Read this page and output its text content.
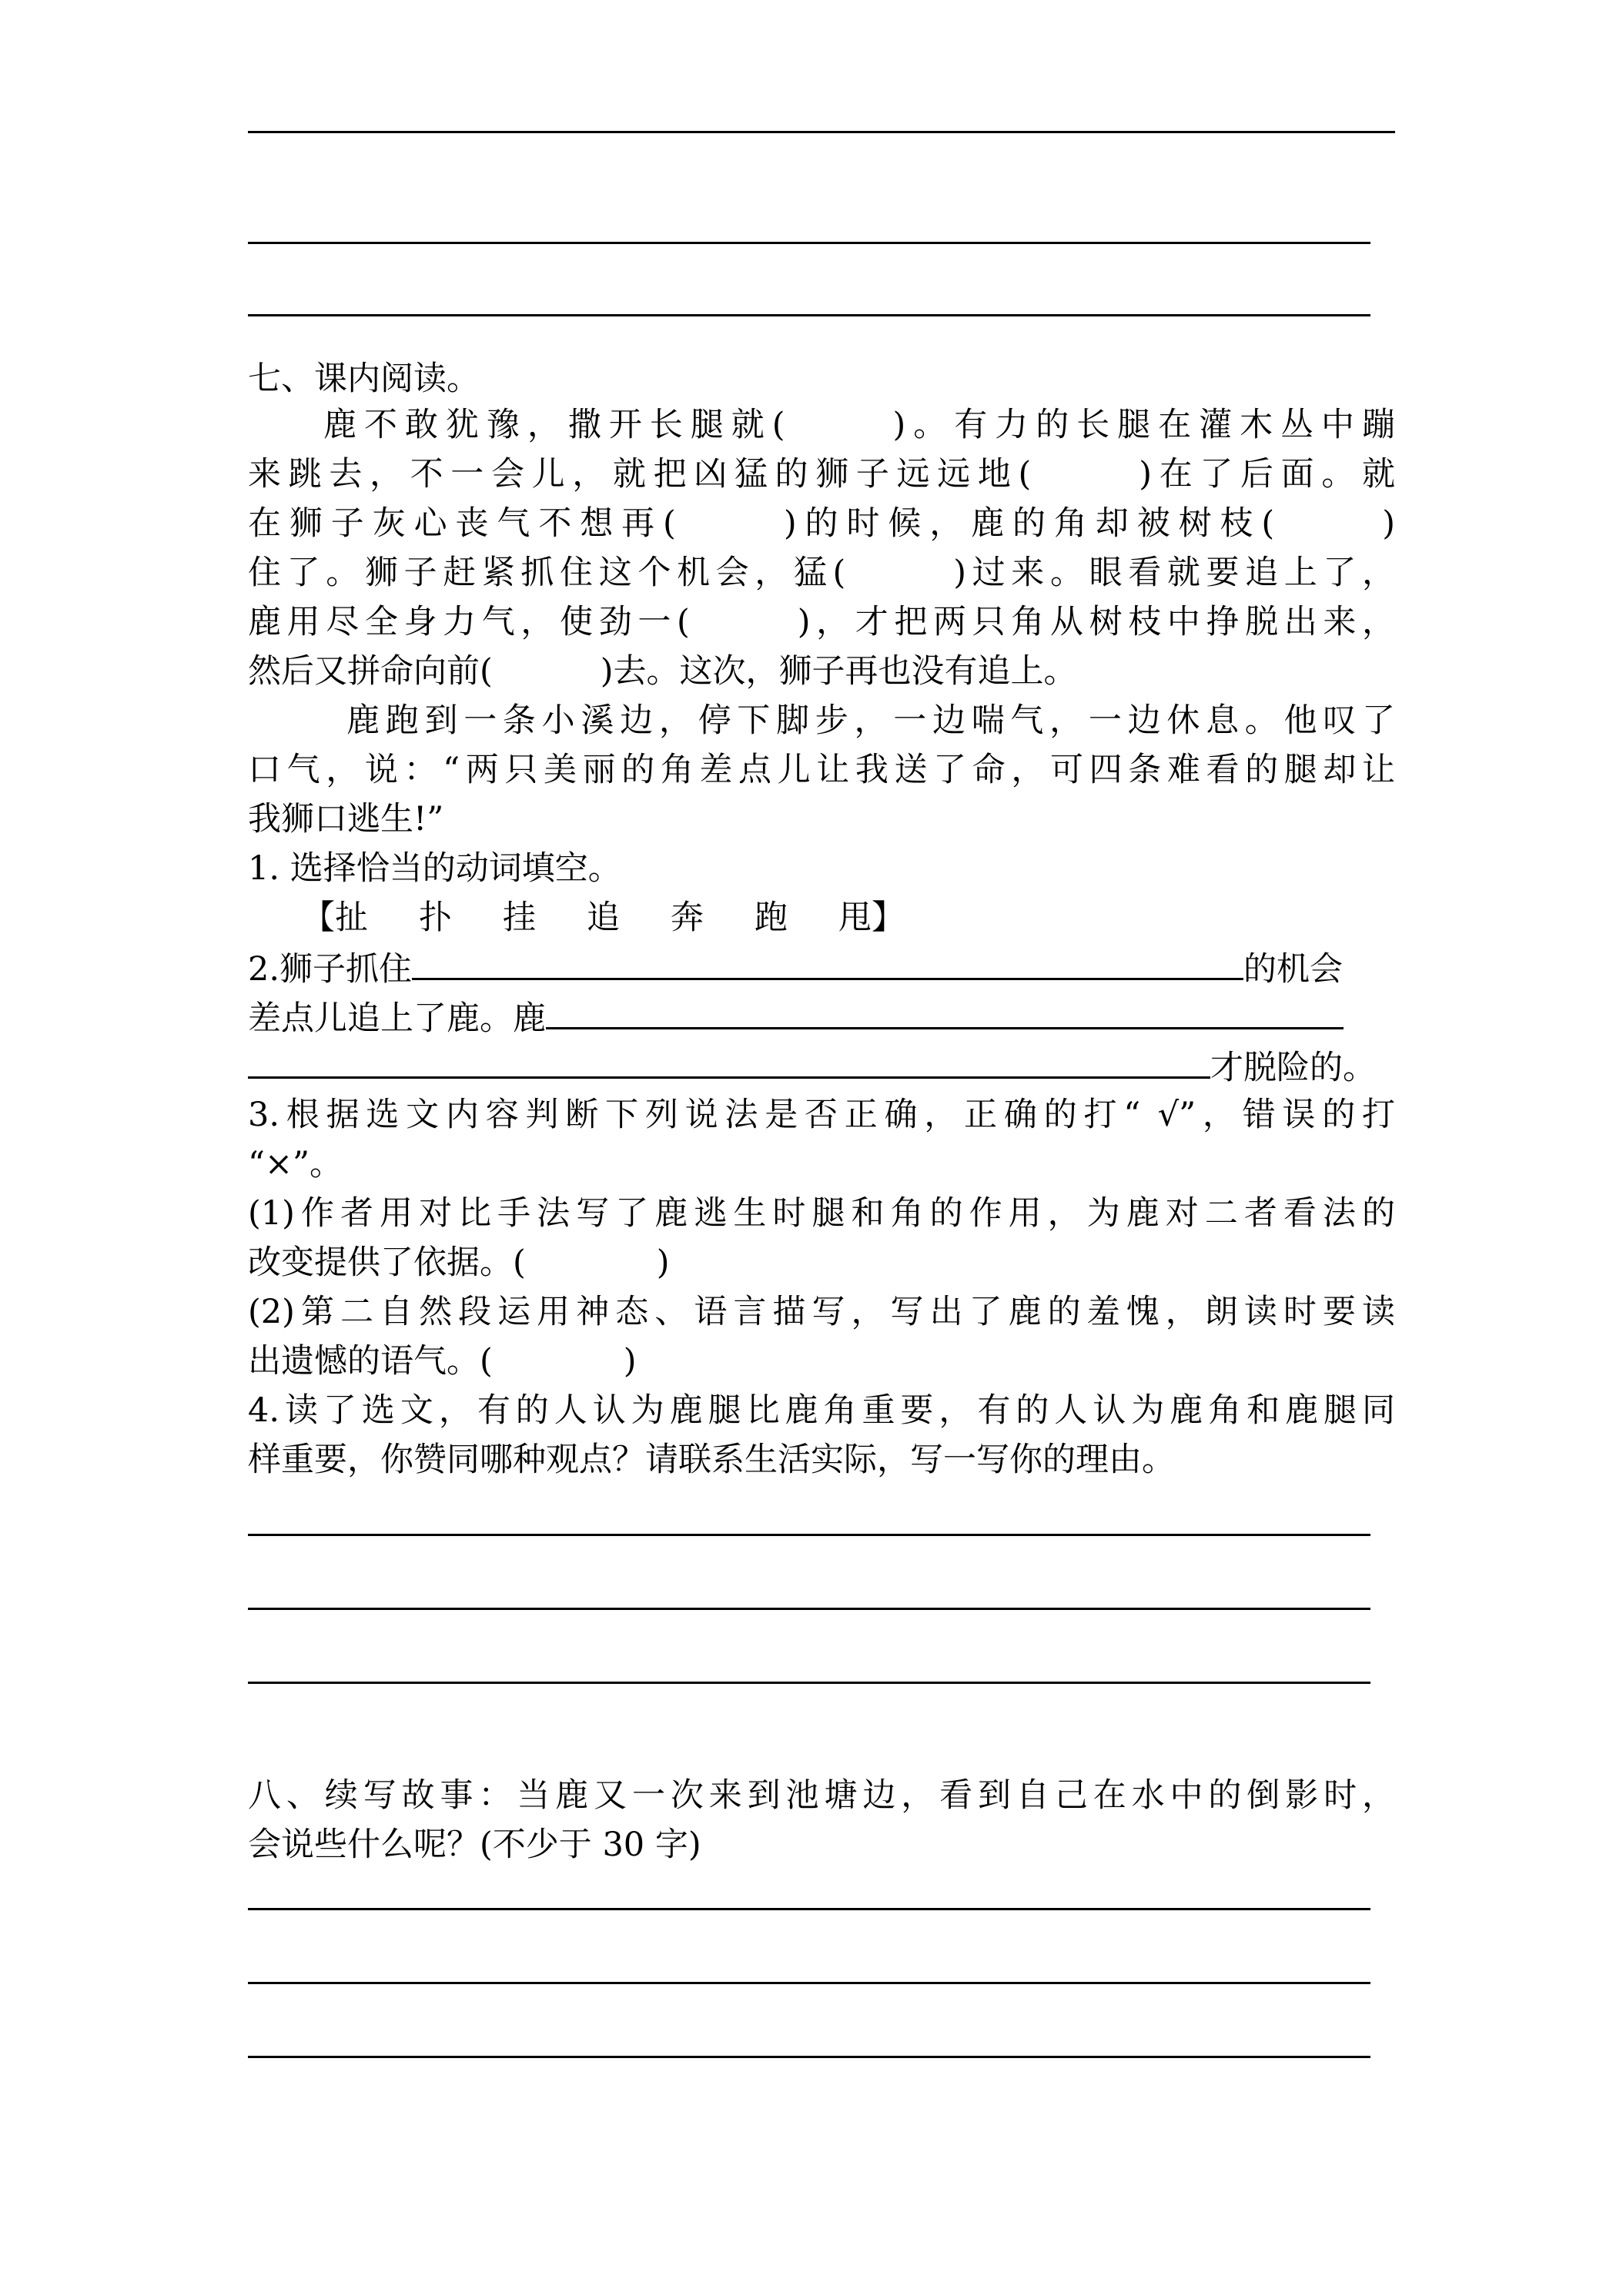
七、课内阅读。
鹿不敢犹豫，撒开长腿就(	)。有力的长腿在灌木丛中蹦
来跳去，不一会儿，就把凶猛的狮子远远地(	)在了后面。就
在狮子灰心丧气不想再(	)的时候，鹿的角却被树枝(	)
住了。狮子赶紧抓住这个机会，猛(	)过来。眼看就要追上了，
鹿用尽全身力气，使劲一(	)，才把两只角从树枝中挣脱出来，
然后又拼命向前(	)去。这次，狮子再也没有追上。
鹿跑到一条小溪边，停下脚步，一边喘气，一边休息。他叹了
口气，说：“两只美丽的角差点儿让我送了命，可四条难看的腿却让
我狮口逃生!”
1. 选择恰当的动词填空。
【扯 扑 挂 追 奔 跑 甩】
2.狮子抓住	的机会
差点儿追上了鹿。鹿
才脱险的。
3.根据选文内容判断下列说法是否正确，正确的打“ √”，错误的打
“×”。
(1)作者用对比手法写了鹿逃生时腿和角的作用，为鹿对二者看法的
改变提供了依据。(	)
(2)第二自然段运用神态、语言描写，写出了鹿的羞愧，朗读时要读
出遗憾的语气。(	)
4.读了选文，有的人认为鹿腿比鹿角重要，有的人认为鹿角和鹿腿同
样重要，你赞同哪种观点？请联系生活实际，写一写你的理由。
八、续写故事：当鹿又一次来到池塘边，看到自己在水中的倒影时，
会说些什么呢？(不少于 30 字)
